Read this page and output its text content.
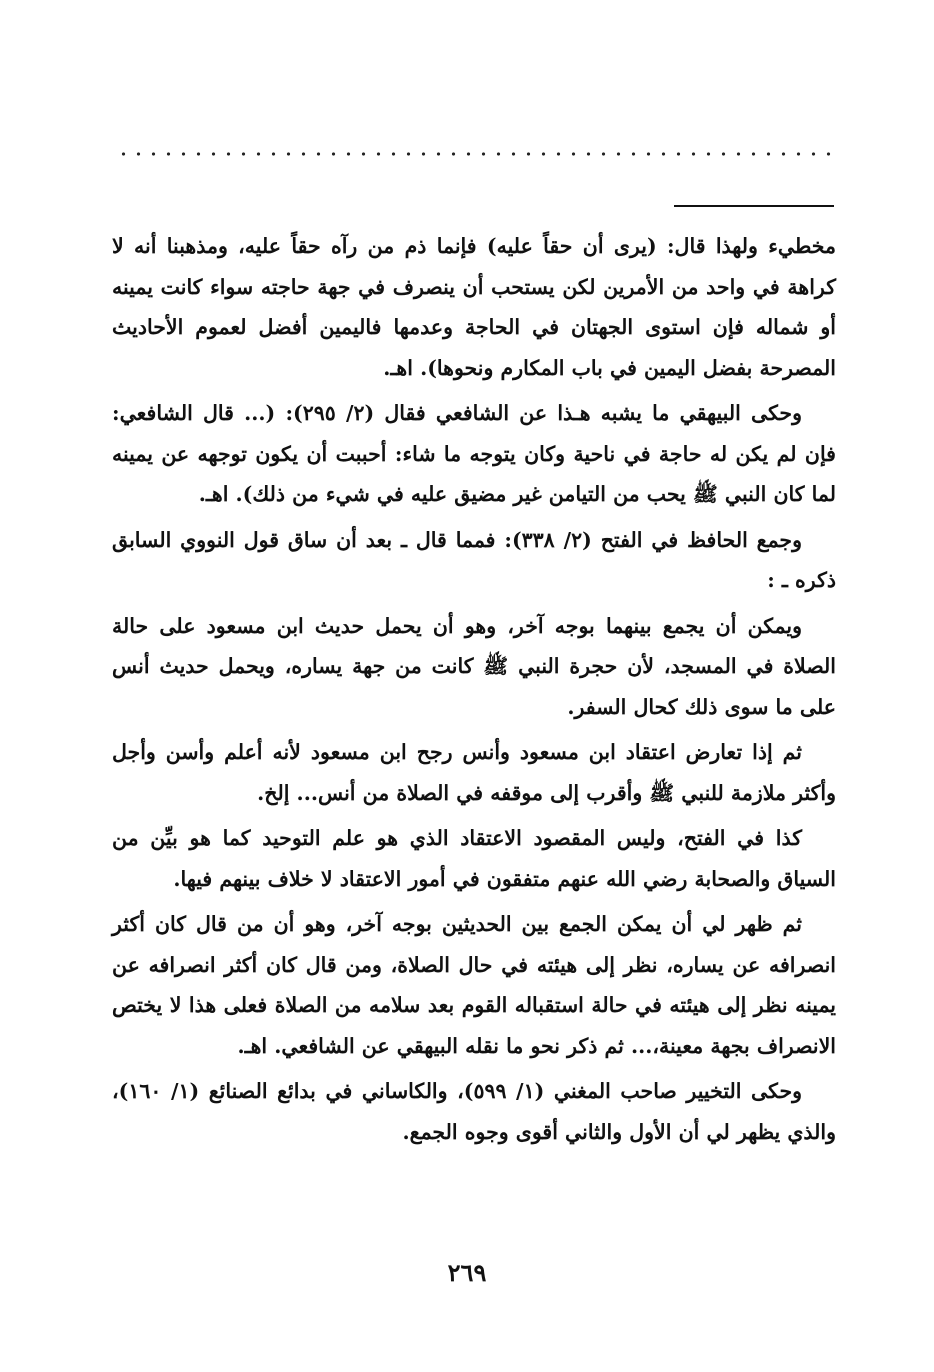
مخطيء ولهذا قال: (يرى أن حقاً عليه) فإنما ذم من رآه حقاً عليه، ومذهبنا أنه لا كراهة في واحد من الأمرين لكن يستحب أن ينصرف في جهة حاجته سواء كانت يمينه أو شماله فإن استوى الجهتان في الحاجة وعدمها فاليمين أفضل لعموم الأحاديث المصرحة بفضل اليمين في باب المكارم ونحوها). اهـ.

وحكى البيهقي ما يشبه هـذا عن الشافعي فقال (٢/ ٢٩٥): (... قال الشافعي: فإن لم يكن له حاجة في ناحية وكان يتوجه ما شاء: أحببت أن يكون توجهه عن يمينه لما كان النبي ﷺ يحب من التيامن غير مضيق عليه في شيء من ذلك). اهـ.

وجمع الحافظ في الفتح (٢/ ٣٣٨): فمما قال ـ بعد أن ساق قول النووي السابق ذكره ـ :

ويمكن أن يجمع بينهما بوجه آخر، وهو أن يحمل حديث ابن مسعود على حالة الصلاة في المسجد، لأن حجرة النبي ﷺ كانت من جهة يساره، ويحمل حديث أنس على ما سوى ذلك كحال السفر.

ثم إذا تعارض اعتقاد ابن مسعود وأنس رجح ابن مسعود لأنه أعلم وأسن وأجل وأكثر ملازمة للنبي ﷺ وأقرب إلى موقفه في الصلاة من أنس... إلخ.

كذا في الفتح، وليس المقصود الاعتقاد الذي هو علم التوحيد كما هو بيِّن من السياق والصحابة رضي الله عنهم متفقون في أمور الاعتقاد لا خلاف بينهم فيها.

ثم ظهر لي أن يمكن الجمع بين الحديثين بوجه آخر، وهو أن من قال كان أكثر انصرافه عن يساره، نظر إلى هيئته في حال الصلاة، ومن قال كان أكثر انصرافه عن يمينه نظر إلى هيئته في حالة استقباله القوم بعد سلامه من الصلاة فعلى هذا لا يختص الانصراف بجهة معينة،... ثم ذكر نحو ما نقله البيهقي عن الشافعي. اهـ.

وحكى التخيير صاحب المغني (١/ ٥٩٩)، والكاساني في بدائع الصنائع (١/ ١٦٠)، والذي يظهر لي أن الأول والثاني أقوى وجوه الجمع.

٢٦٩
